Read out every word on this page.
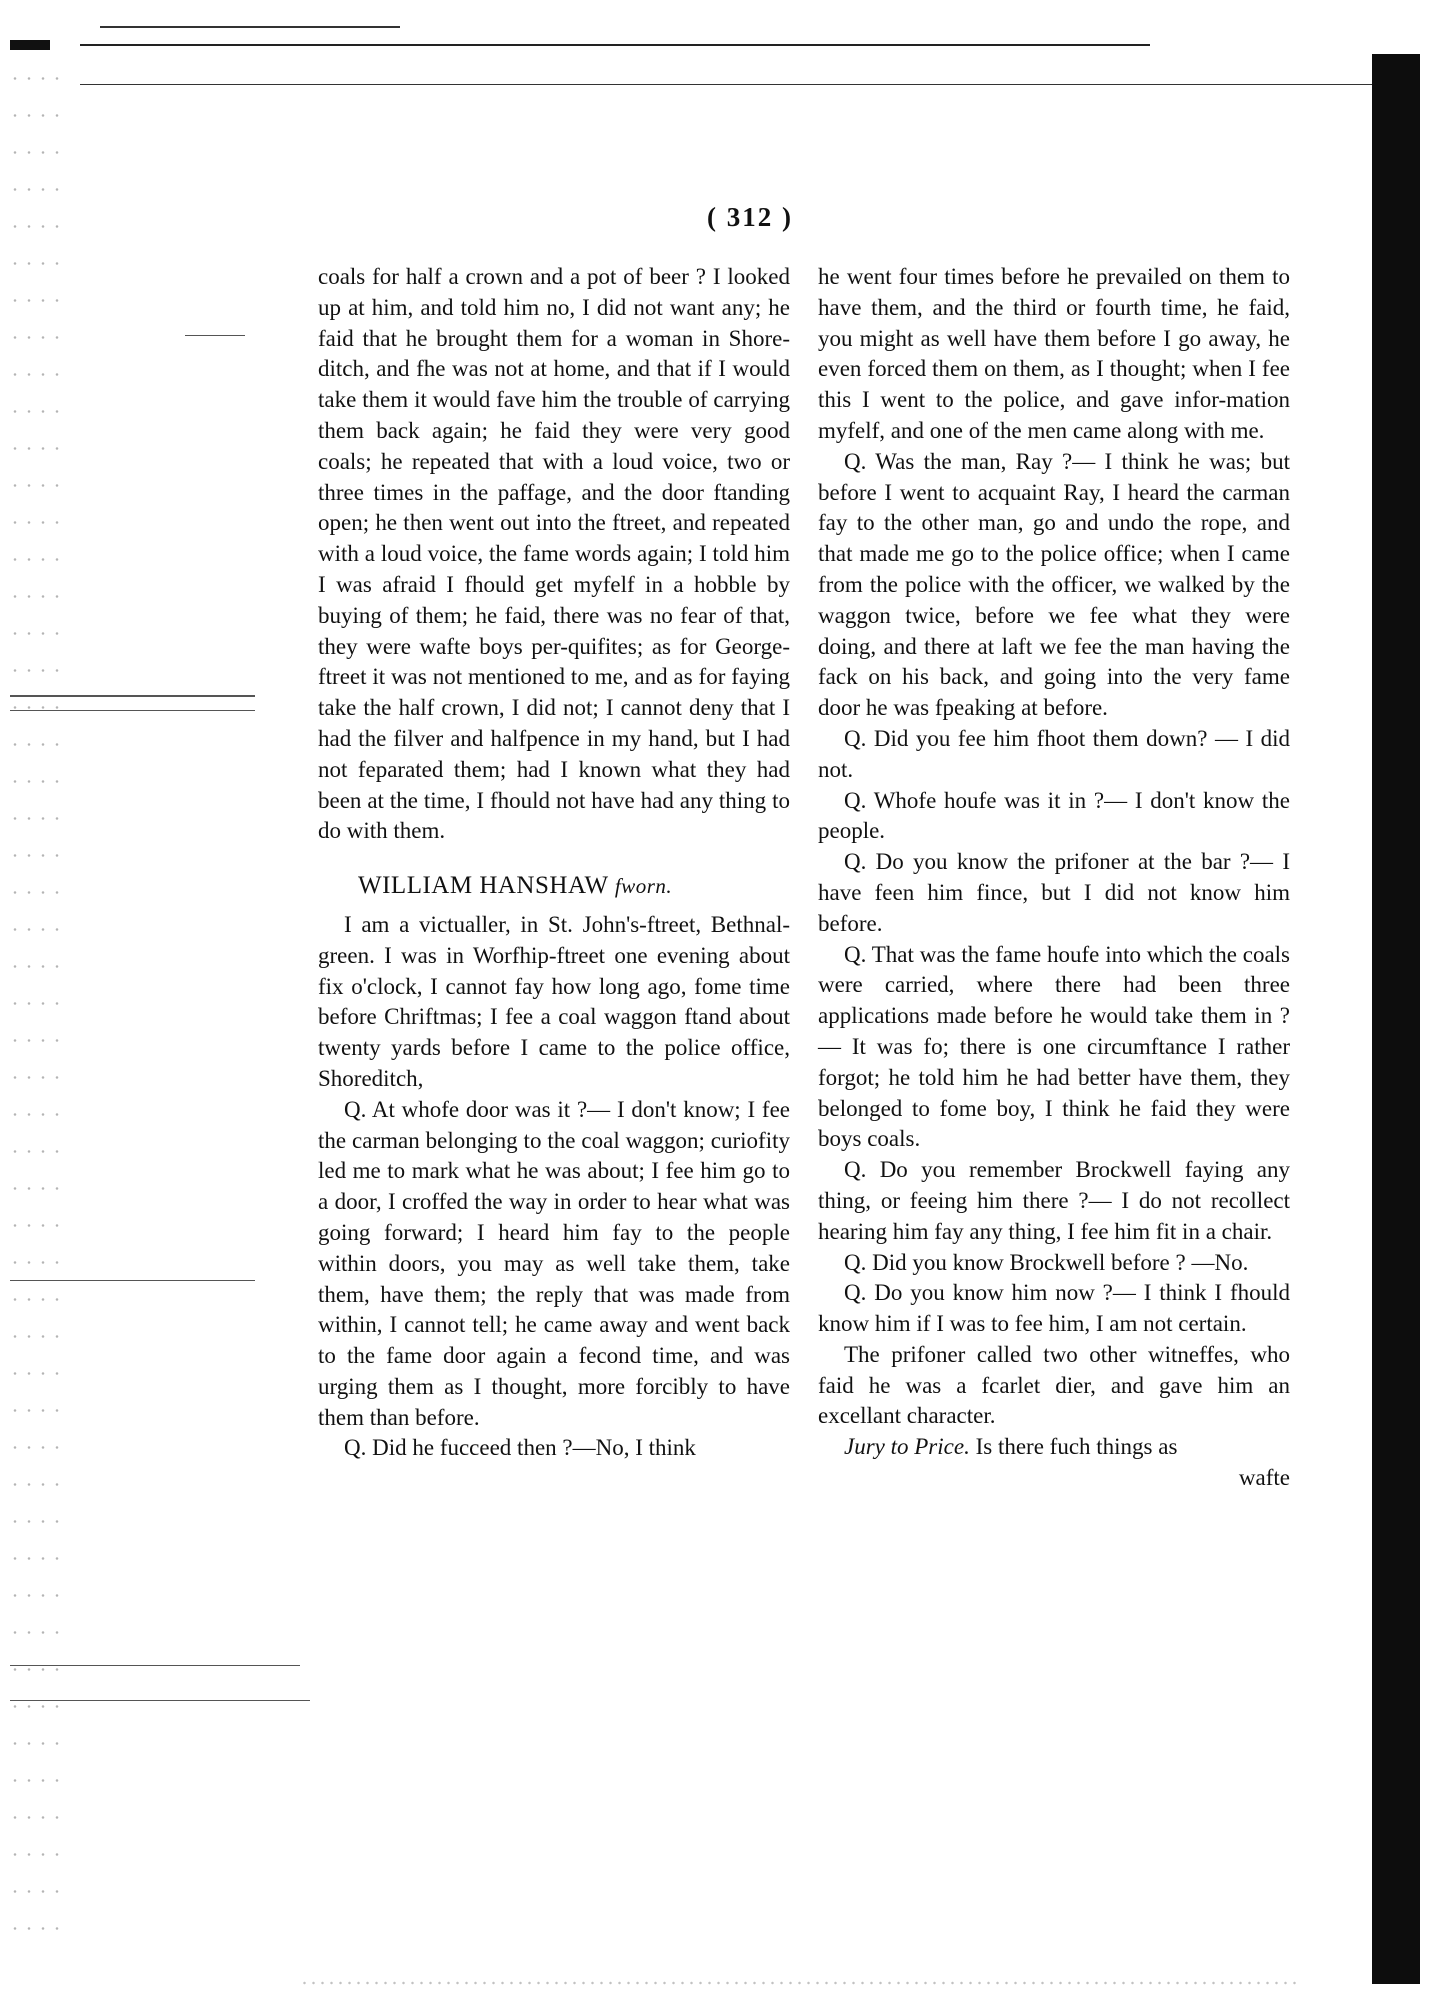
( 312 )

coals for half a crown and a pot of beer ? I looked up at him, and told him no, I did not want any; he faid that he brought them for a woman in Shore-ditch, and fhe was not at home, and that if I would take them it would fave him the trouble of carrying them back again; he faid they were very good coals; he repeated that with a loud voice, two or three times in the paffage, and the door ftanding open; he then went out into the ftreet, and repeated with a loud voice, the fame words again; I told him I was afraid I fhould get myfelf in a hobble by buying of them; he faid, there was no fear of that, they were wafte boys per-quifites; as for George-ftreet it was not mentioned to me, and as for faying take the half crown, I did not; I cannot deny that I had the filver and halfpence in my hand, but I had not feparated them; had I known what they had been at the time, I fhould not have had any thing to do with them.

WILLIAM HANSHAW fworn.

I am a victualler, in St. John's-ftreet, Bethnal-green. I was in Worfhip-ftreet one evening about fix o'clock, I cannot fay how long ago, fome time before Chriftmas; I fee a coal waggon ftand about twenty yards before I came to the police office, Shoreditch,

Q. At whofe door was it ?— I don't know; I fee the carman belonging to the coal waggon; curiofity led me to mark what he was about; I fee him go to a door, I croffed the way in order to hear what was going forward; I heard him fay to the people within doors, you may as well take them, take them, have them; the reply that was made from within, I cannot tell; he came away and went back to the fame door again a fecond time, and was urging them as I thought, more forcibly to have them than before.

Q. Did he fucceed then ?—No, I think

he went four times before he prevailed on them to have them, and the third or fourth time, he faid, you might as well have them before I go away, he even forced them on them, as I thought; when I fee this I went to the police, and gave infor-mation myfelf, and one of the men came along with me.

Q. Was the man, Ray ?— I think he was; but before I went to acquaint Ray, I heard the carman fay to the other man, go and undo the rope, and that made me go to the police office; when I came from the police with the officer, we walked by the waggon twice, before we fee what they were doing, and there at laft we fee the man having the fack on his back, and going into the very fame door he was fpeaking at before.

Q. Did you fee him fhoot them down? — I did not.

Q. Whofe houfe was it in ?— I don't know the people.

Q. Do you know the prifoner at the bar ?— I have feen him fince, but I did not know him before.

Q. That was the fame houfe into which the coals were carried, where there had been three applications made before he would take them in ?— It was fo; there is one circumftance I rather forgot; he told him he had better have them, they belonged to fome boy, I think he faid they were boys coals.

Q. Do you remember Brockwell faying any thing, or feeing him there ?— I do not recollect hearing him fay any thing, I fee him fit in a chair.

Q. Did you know Brockwell before ? —No.

Q. Do you know him now ?— I think I fhould know him if I was to fee him, I am not certain.

The prifoner called two other witneffes, who faid he was a fcarlet dier, and gave him an excellant character.

Jury to Price. Is there fuch things as

wafte
